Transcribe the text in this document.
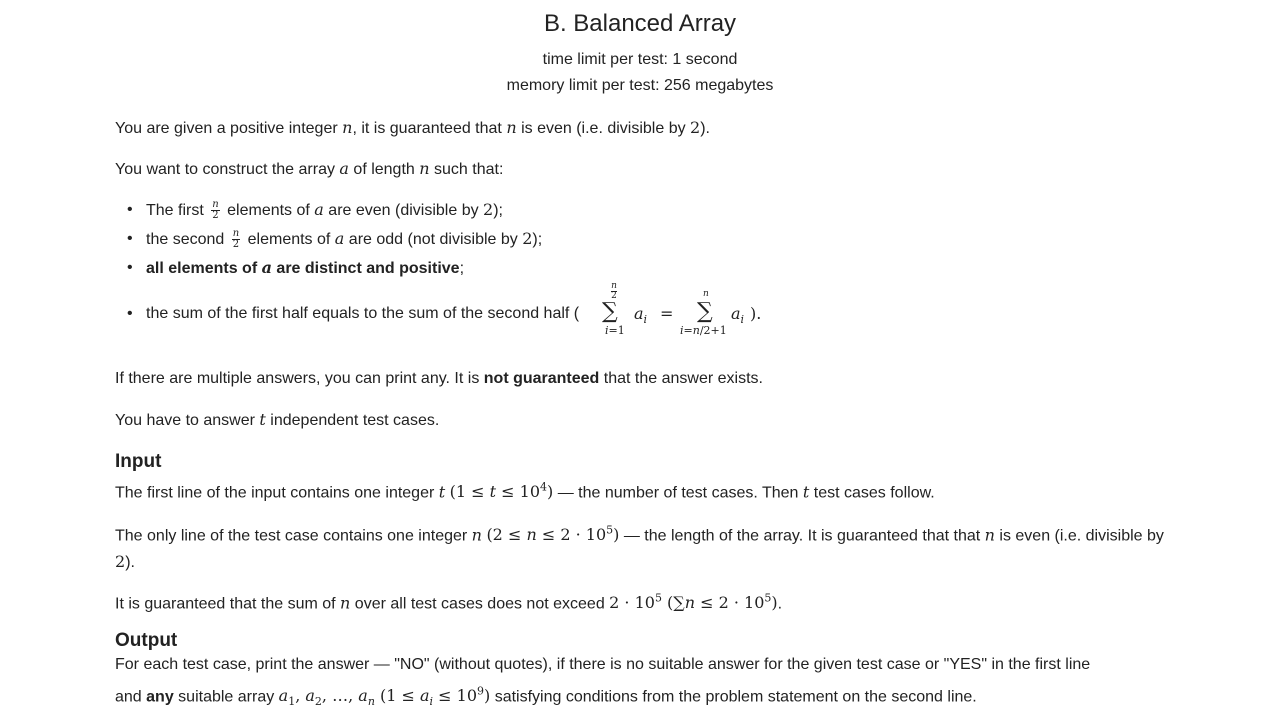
B. Balanced Array
time limit per test: 1 second
memory limit per test: 256 megabytes
You are given a positive integer n, it is guaranteed that n is even (i.e. divisible by 2).
You want to construct the array a of length n such that:
• The first $\frac{n}{2}$ elements of a are even (divisible by 2);
• the second $\frac{n}{2}$ elements of a are odd (not divisible by 2);
• all elements of a are distinct and positive;
• the sum of the first half equals to the sum of the second half (
n
2
∑
i=1
$a_i$ =
n
∑
i=n/2+1
$a_i$ ).
If there are multiple answers, you can print any. It is not guaranteed that the answer exists.
You have to answer t independent test cases.
Input
The first line of the input contains one integer t $(1 \le t \le 10^4)$ — the number of test cases. Then t test cases follow.
The only line of the test case contains one integer n $(2 \le n \le 2 \cdot 10^5)$ — the length of the array. It is guaranteed that that n is even (i.e. divisible by 2).
It is guaranteed that the sum of n over all test cases does not exceed $2 \cdot 10^5$ $(\sum n \le 2 \cdot 10^5)$.
Output
For each test case, print the answer — "NO" (without quotes), if there is no suitable answer for the given test case or "YES" in the first line
and any suitable array $a_1$, $a_2$, …, $a_n$ $(1 \le a_i \le 10^9)$ satisfying conditions from the problem statement on the second line.
